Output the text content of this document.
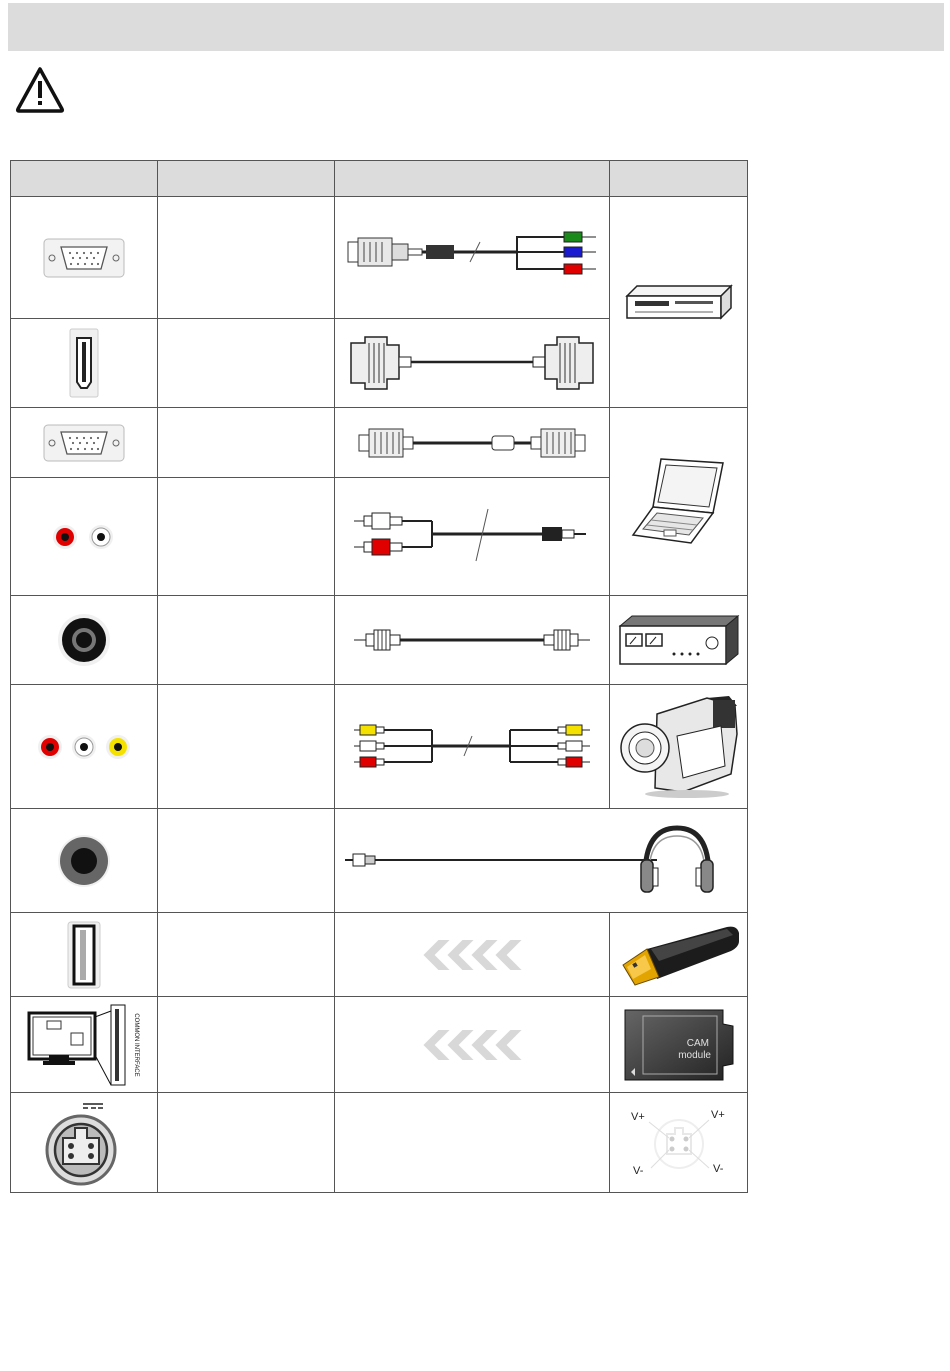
COMMON INTERFACE			CAM
module

V+ V+
V- V-
